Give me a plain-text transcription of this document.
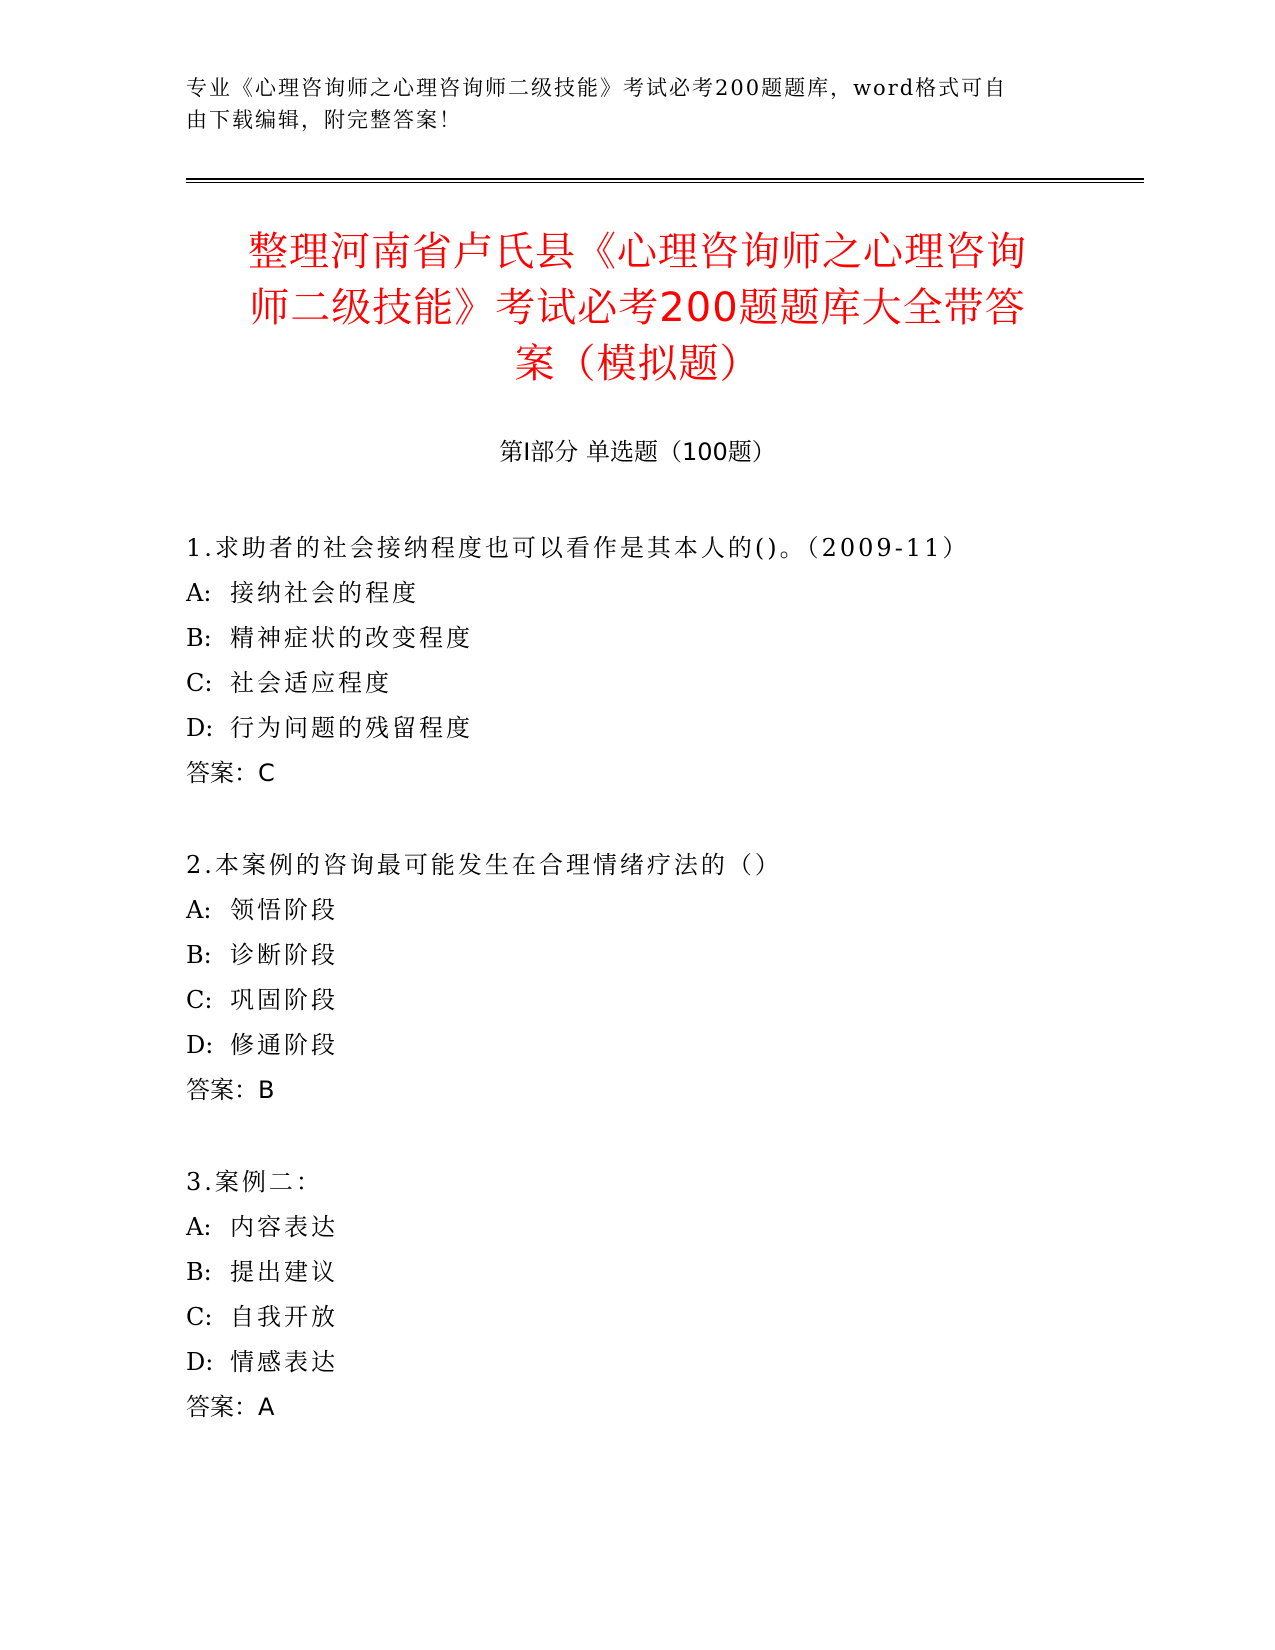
专业《心理咨询师之心理咨询师二级技能》考试必考200题题库，word格式可自
由下载编辑，附完整答案！
整理河南省卢氏县《心理咨询师之心理咨询
师二级技能》考试必考200题题库大全带答
案（模拟题）
第Ⅰ部分 单选题（100题）
1.求助者的社会接纳程度也可以看作是其本人的()。（2009-11）
A: 接纳社会的程度
B: 精神症状的改变程度
C: 社会适应程度
D: 行为问题的残留程度
答案：C
2.本案例的咨询最可能发生在合理情绪疗法的（）
A: 领悟阶段
B: 诊断阶段
C: 巩固阶段
D: 修通阶段
答案：B
3.案例二：
A: 内容表达
B: 提出建议
C: 自我开放
D: 情感表达
答案：A
